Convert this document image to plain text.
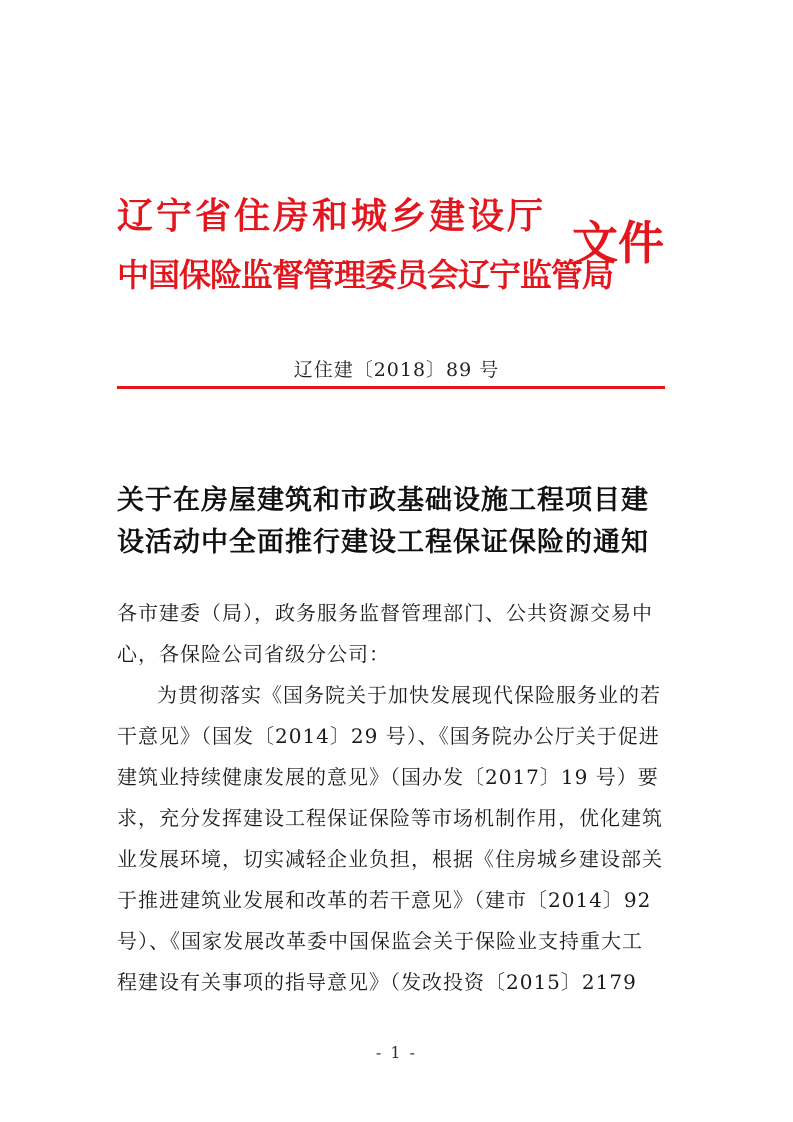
辽宁省住房和城乡建设厅
中国保险监督管理委员会辽宁监管局
文件
辽住建〔2018〕89 号
关于在房屋建筑和市政基础设施工程项目建
设活动中全面推行建设工程保证保险的通知
各市建委（局），政务服务监督管理部门、公共资源交易中
心，各保险公司省级分公司：
为贯彻落实《国务院关于加快发展现代保险服务业的若
干意见》（国发〔2014〕29 号）、《国务院办公厅关于促进
建筑业持续健康发展的意见》（国办发〔2017〕19 号）要
求，充分发挥建设工程保证保险等市场机制作用，优化建筑
业发展环境，切实减轻企业负担，根据《住房城乡建设部关
于推进建筑业发展和改革的若干意见》（建市〔2014〕92
号）、《国家发展改革委中国保监会关于保险业支持重大工
程建设有关事项的指导意见》（发改投资〔2015〕2179
- 1 -
